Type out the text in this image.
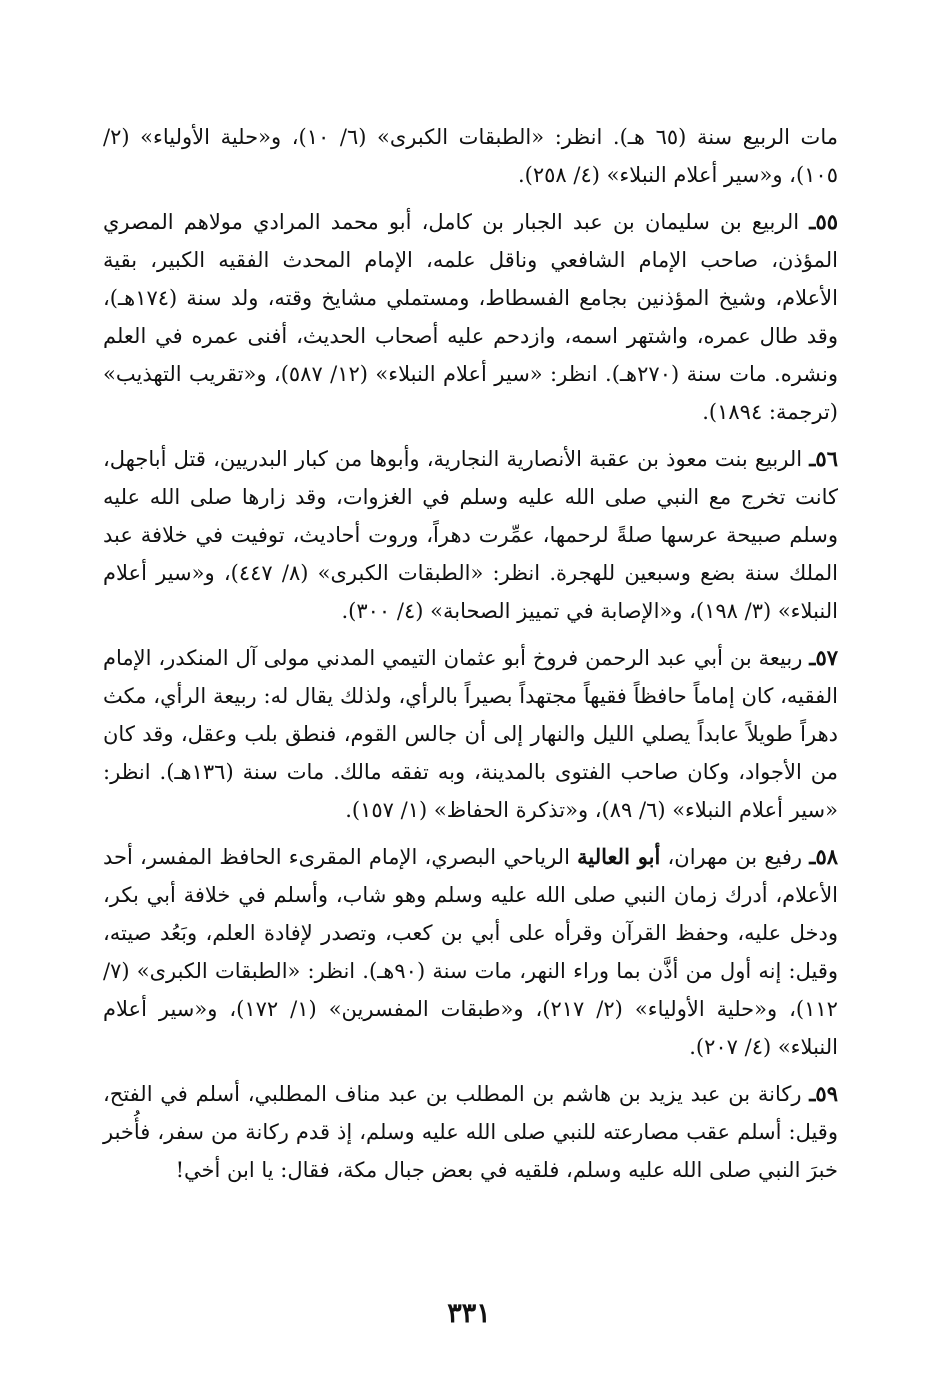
مات الربيع سنة (٦٥ هـ). انظر: «الطبقات الكبرى» (٦/ ١٠)، و«حلية الأولياء» (٢/ ١٠٥)، و«سير أعلام النبلاء» (٤/ ٢٥٨).

٥٥ـ الربيع بن سليمان بن عبد الجبار بن كامل، أبو محمد المرادي مولاهم المصري المؤذن، صاحب الإمام الشافعي وناقل علمه، الإمام المحدث الفقيه الكبير، بقية الأعلام، وشيخ المؤذنين بجامع الفسطاط، ومستملي مشايخ وقته، ولد سنة (١٧٤هـ)، وقد طال عمره، واشتهر اسمه، وازدحم عليه أصحاب الحديث، أفنى عمره في العلم ونشره. مات سنة (٢٧٠هـ). انظر: «سير أعلام النبلاء» (١٢/ ٥٨٧)، و«تقريب التهذيب» (ترجمة: ١٨٩٤).

٥٦ـ الربيع بنت معوذ بن عقبة الأنصارية النجارية، وأبوها من كبار البدريين، قتل أباجهل، كانت تخرج مع النبي صلى الله عليه وسلم في الغزوات، وقد زارها صلى الله عليه وسلم صبيحة عرسها صلةً لرحمها، عمِّرت دهراً، وروت أحاديث، توفيت في خلافة عبد الملك سنة بضع وسبعين للهجرة. انظر: «الطبقات الكبرى» (٨/ ٤٤٧)، و«سير أعلام النبلاء» (٣/ ١٩٨)، و«الإصابة في تمييز الصحابة» (٤/ ٣٠٠).

٥٧ـ ربيعة بن أبي عبد الرحمن فروخ أبو عثمان التيمي المدني مولى آل المنكدر، الإمام الفقيه، كان إماماً حافظاً فقيهاً مجتهداً بصيراً بالرأي، ولذلك يقال له: ربيعة الرأي، مكث دهراً طويلاً عابداً يصلي الليل والنهار إلى أن جالس القوم، فنطق بلب وعقل، وقد كان من الأجواد، وكان صاحب الفتوى بالمدينة، وبه تفقه مالك. مات سنة (١٣٦هـ). انظر: «سير أعلام النبلاء» (٦/ ٨٩)، و«تذكرة الحفاظ» (١/ ١٥٧).

٥٨ـ رفيع بن مهران، أبو العالية الرياحي البصري، الإمام المقرىء الحافظ المفسر، أحد الأعلام، أدرك زمان النبي صلى الله عليه وسلم وهو شاب، وأسلم في خلافة أبي بكر، ودخل عليه، وحفظ القرآن وقرأه على أبي بن كعب، وتصدر لإفادة العلم، وبَعُد صيته، وقيل: إنه أول من أذَّن بما وراء النهر، مات سنة (٩٠هـ). انظر: «الطبقات الكبرى» (٧/ ١١٢)، و«حلية الأولياء» (٢/ ٢١٧)، و«طبقات المفسرين» (١/ ١٧٢)، و«سير أعلام النبلاء» (٤/ ٢٠٧).

٥٩ـ ركانة بن عبد يزيد بن هاشم بن المطلب بن عبد مناف المطلبي، أسلم في الفتح، وقيل: أسلم عقب مصارعته للنبي صلى الله عليه وسلم، إذ قدم ركانة من سفر، فأُخبر خبرَ النبي صلى الله عليه وسلم، فلقيه في بعض جبال مكة، فقال: يا ابن أخي!

٣٣١
